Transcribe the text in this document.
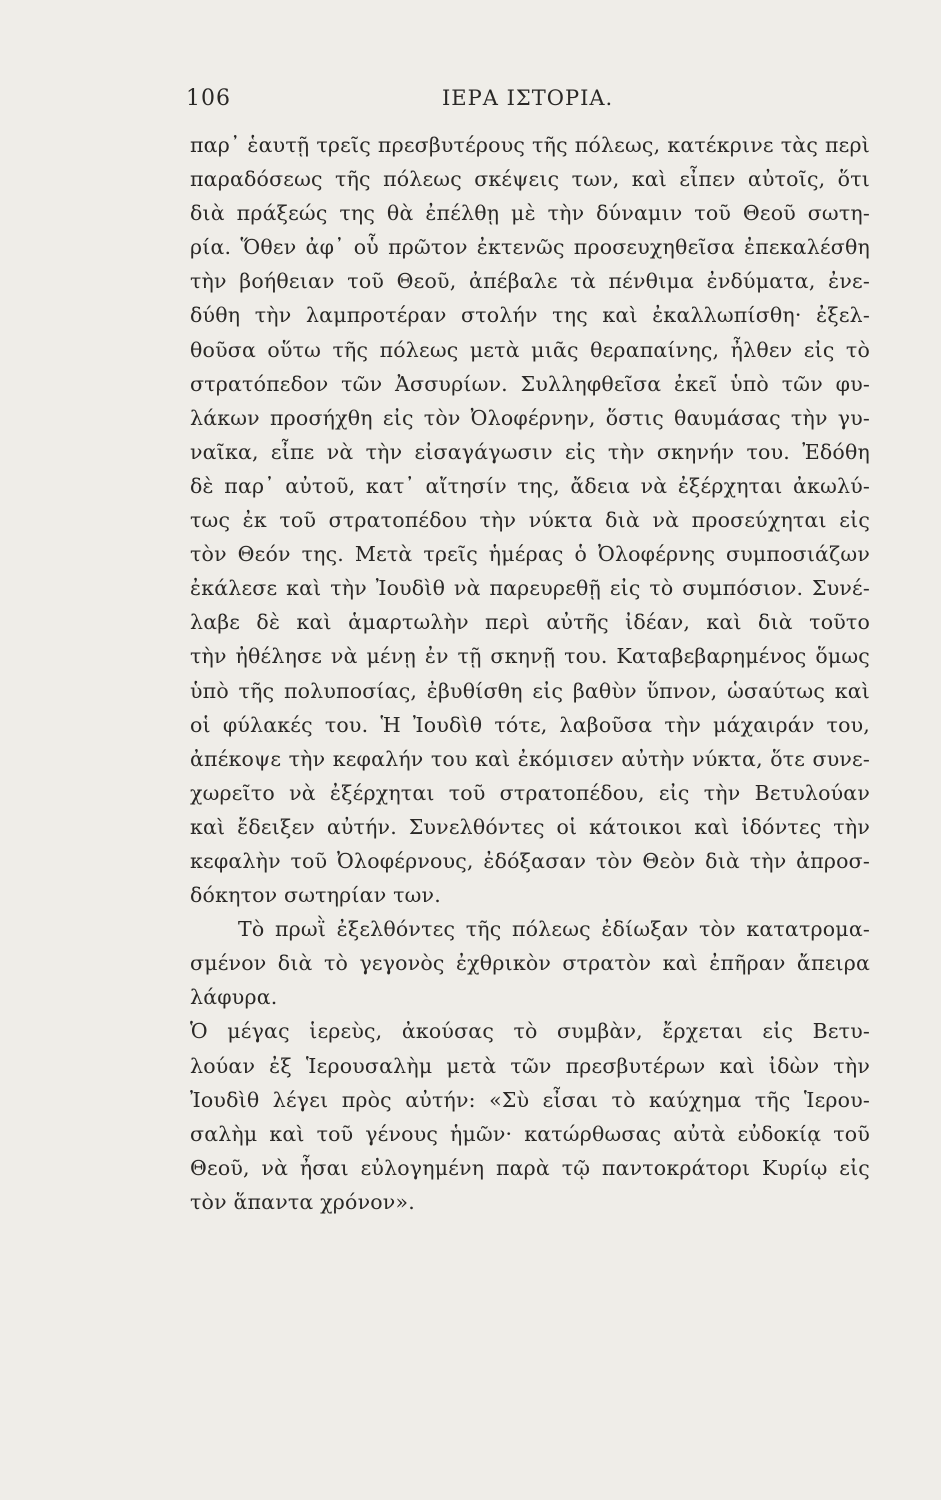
106	ΙΕΡΑ ΙΣΤΟΡΙΑ.
παρ᾽ ἑαυτῇ τρεῖς πρεσβυτέρους τῆς πόλεως, κατέκρινε τὰς περὶ
παραδόσεως τῆς πόλεως σκέψεις των, καὶ εἶπεν αὐτοῖς, ὅτι
διὰ πράξεώς της θὰ ἐπέλθῃ μὲ τὴν δύναμιν τοῦ Θεοῦ σωτη-
ρία. Ὅθεν ἀφ᾽ οὗ πρῶτον ἐκτενῶς προσευχηθεῖσα ἐπεκαλέσθη
τὴν βοήθειαν τοῦ Θεοῦ, ἀπέβαλε τὰ πένθιμα ἐνδύματα, ἐνε-
δύθη τὴν λαμπροτέραν στολήν της καὶ ἐκαλλωπίσθη· ἐξελ-
θοῦσα οὕτω τῆς πόλεως μετὰ μιᾶς θεραπαίνης, ἦλθεν εἰς τὸ
στρατόπεδον τῶν Ἀσσυρίων. Συλληφθεῖσα ἐκεῖ ὑπὸ τῶν φυ-
λάκων προσήχθη εἰς τὸν Ὀλοφέρνην, ὅστις θαυμάσας τὴν γυ-
ναῖκα, εἶπε νὰ τὴν εἰσαγάγωσιν εἰς τὴν σκηνήν του. Ἐδόθη
δὲ παρ᾽ αὐτοῦ, κατ᾽ αἴτησίν της, ἄδεια νὰ ἐξέρχηται ἀκωλύ-
τως ἐκ τοῦ στρατοπέδου τὴν νύκτα διὰ νὰ προσεύχηται εἰς
τὸν Θεόν της. Μετὰ τρεῖς ἡμέρας ὁ Ὀλοφέρνης συμποσιάζων
ἐκάλεσε καὶ τὴν Ἰουδὶθ νὰ παρευρεθῇ εἰς τὸ συμπόσιον. Συνέ-
λαβε δὲ καὶ ἁμαρτωλὴν περὶ αὐτῆς ἰδέαν, καὶ διὰ τοῦτο
τὴν ἠθέλησε νὰ μένῃ ἐν τῇ σκηνῇ του. Καταβεβαρημένος ὅμως
ὑπὸ τῆς πολυποσίας, ἐβυθίσθη εἰς βαθὺν ὕπνον, ὡσαύτως καὶ
οἱ φύλακές του. Ἡ Ἰουδὶθ τότε, λαβοῦσα τὴν μάχαιράν του,
ἀπέκοψε τὴν κεφαλήν του καὶ ἐκόμισεν αὐτὴν νύκτα, ὅτε συνε-
χωρεῖτο νὰ ἐξέρχηται τοῦ στρατοπέδου, εἰς τὴν Βετυλούαν
καὶ ἔδειξεν αὐτήν. Συνελθόντες οἱ κάτοικοι καὶ ἰδόντες τὴν
κεφαλὴν τοῦ Ὀλοφέρνους, ἐδόξασαν τὸν Θεὸν διὰ τὴν ἀπροσ-
δόκητον σωτηρίαν των.
Τὸ πρωῒ ἐξελθόντες τῆς πόλεως ἐδίωξαν τὸν κατατρομα-
σμένον διὰ τὸ γεγονὸς ἐχθρικὸν στρατὸν καὶ ἐπῆραν ἄπειρα
λάφυρα.
Ὁ μέγας ἱερεὺς, ἀκούσας τὸ συμβὰν, ἔρχεται εἰς Βετυ-
λούαν ἐξ Ἱερουσαλὴμ μετὰ τῶν πρεσβυτέρων καὶ ἰδὼν τὴν
Ἰουδὶθ λέγει πρὸς αὐτήν: «Σὺ εἶσαι τὸ καύχημα τῆς Ἱερου-
σαλὴμ καὶ τοῦ γένους ἡμῶν· κατώρθωσας αὐτὰ εὐδοκίᾳ τοῦ
Θεοῦ, νὰ ἦσαι εὐλογημένη παρὰ τῷ παντοκράτορι Κυρίῳ εἰς
τὸν ἅπαντα χρόνον».
